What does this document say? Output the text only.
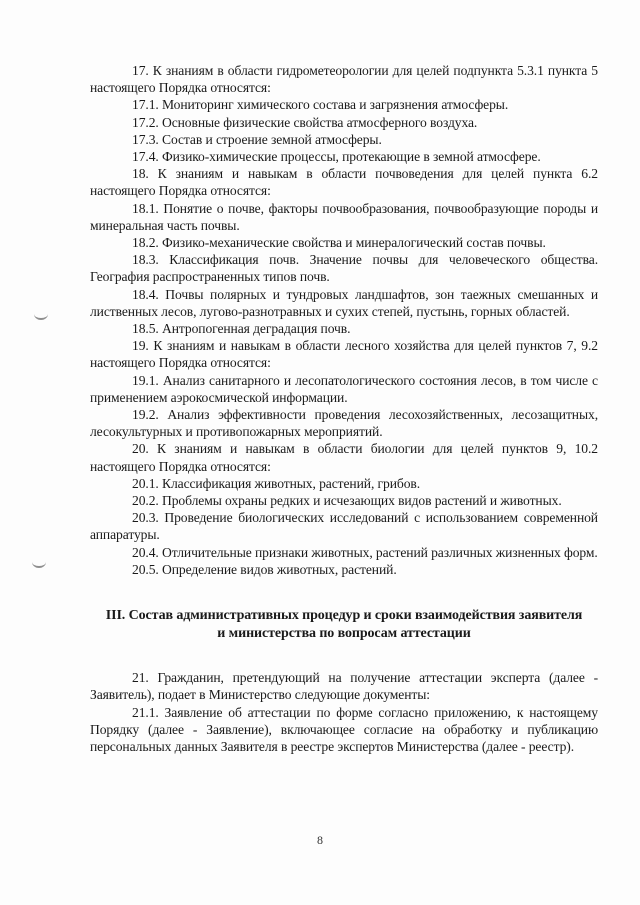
17. К знаниям в области гидрометеорологии для целей подпункта 5.3.1 пункта 5 настоящего Порядка относятся:

17.1. Мониторинг химического состава и загрязнения атмосферы.

17.2. Основные физические свойства атмосферного воздуха.

17.3. Состав и строение земной атмосферы.

17.4. Физико-химические процессы, протекающие в земной атмосфере.

18. К знаниям и навыкам в области почвоведения для целей пункта 6.2 настоящего Порядка относятся:

18.1. Понятие о почве, факторы почвообразования, почвообразующие породы и минеральная часть почвы.

18.2. Физико-механические свойства и минералогический состав почвы.

18.3. Классификация почв. Значение почвы для человеческого общества. География распространенных типов почв.

18.4. Почвы полярных и тундровых ландшафтов, зон таежных смешанных и лиственных лесов, лугово-разнотравных и сухих степей, пустынь, горных областей.

18.5. Антропогенная деградация почв.

19. К знаниям и навыкам в области лесного хозяйства для целей пунктов 7, 9.2 настоящего Порядка относятся:

19.1. Анализ санитарного и лесопатологического состояния лесов, в том числе с применением аэрокосмической информации.

19.2. Анализ эффективности проведения лесохозяйственных, лесозащитных, лесокультурных и противопожарных мероприятий.

20. К знаниям и навыкам в области биологии для целей пунктов 9, 10.2 настоящего Порядка относятся:

20.1. Классификация животных, растений, грибов.

20.2. Проблемы охраны редких и исчезающих видов растений и животных.

20.3. Проведение биологических исследований с использованием современной аппаратуры.

20.4. Отличительные признаки животных, растений различных жизненных форм.

20.5. Определение видов животных, растений.

III. Состав административных процедур и сроки взаимодействия заявителя и министерства по вопросам аттестации

21. Гражданин, претендующий на получение аттестации эксперта (далее - Заявитель), подает в Министерство следующие документы:

21.1. Заявление об аттестации по форме согласно приложению, к настоящему Порядку (далее - Заявление), включающее согласие на обработку и публикацию персональных данных Заявителя в реестре экспертов Министерства (далее - реестр).

8
